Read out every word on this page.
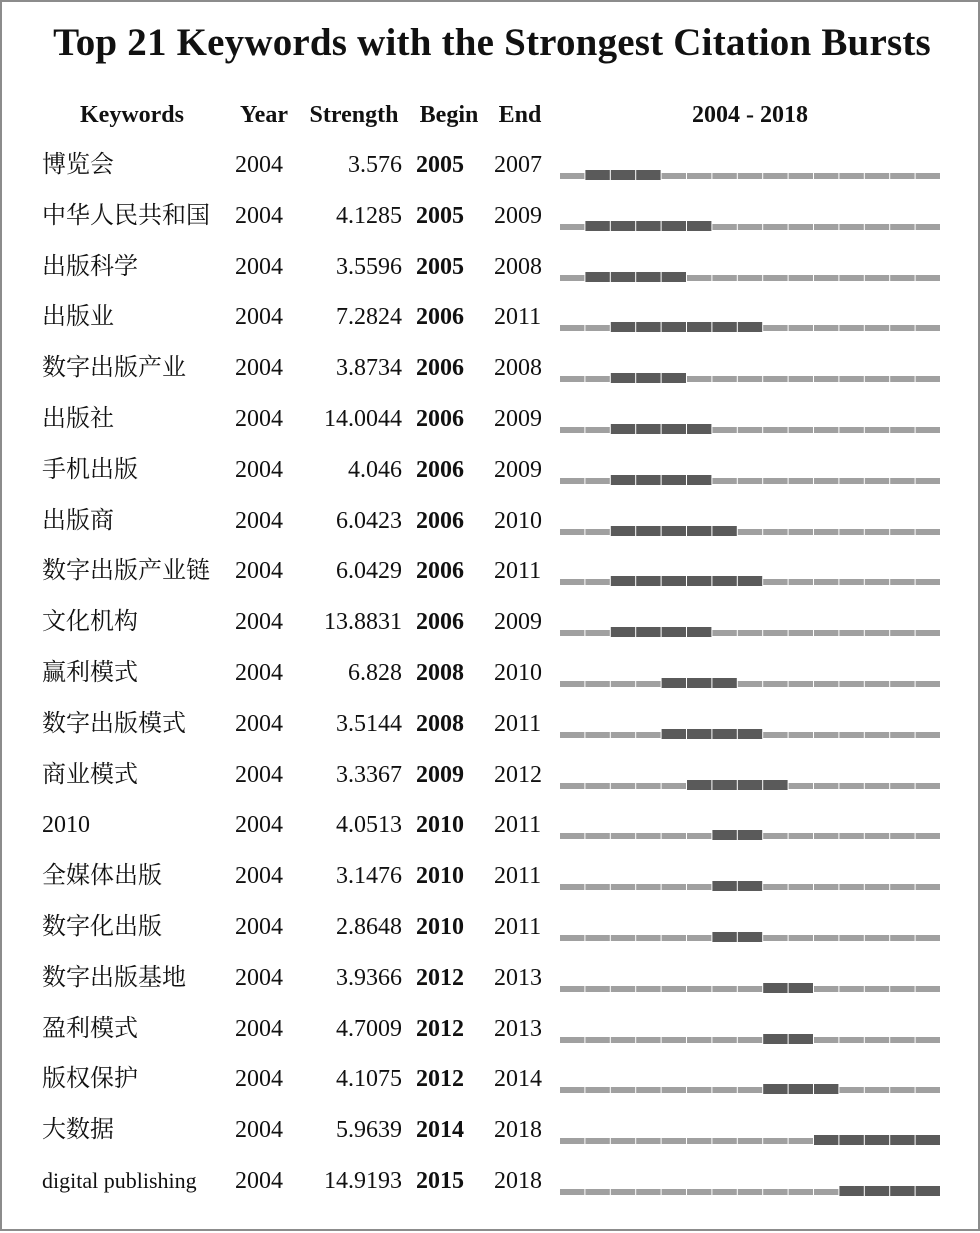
Top 21 Keywords with the Strongest Citation Bursts
Keywords	Year Strength Begin End	2004 - 2018
博览会	2004	3.576 2005	2007
中华人民共和国	2004	4.1285 2005	2009
出版科学	2004	3.5596 2005	2008
出版业	2004	7.2824 2006	2011
数字出版产业	2004	3.8734 2006	2008
出版社	2004	14.0044 2006	2009
手机出版	2004	4.046 2006	2009
出版商	2004	6.0423 2006	2010
数字出版产业链	2004	6.0429 2006	2011
文化机构	2004	13.8831 2006	2009
赢利模式	2004	6.828 2008	2010
数字出版模式	2004	3.5144 2008	2011
商业模式	2004	3.3367 2009	2012
2010	2004	4.0513 2010	2011
全媒体出版	2004	3.1476 2010	2011
数字化出版	2004	2.8648 2010	2011
数字出版基地	2004	3.9366 2012	2013
盈利模式	2004	4.7009 2012	2013
版权保护	2004	4.1075 2012	2014
大数据	2004	5.9639 2014	2018
digital publishing	2004	14.9193 2015	2018
